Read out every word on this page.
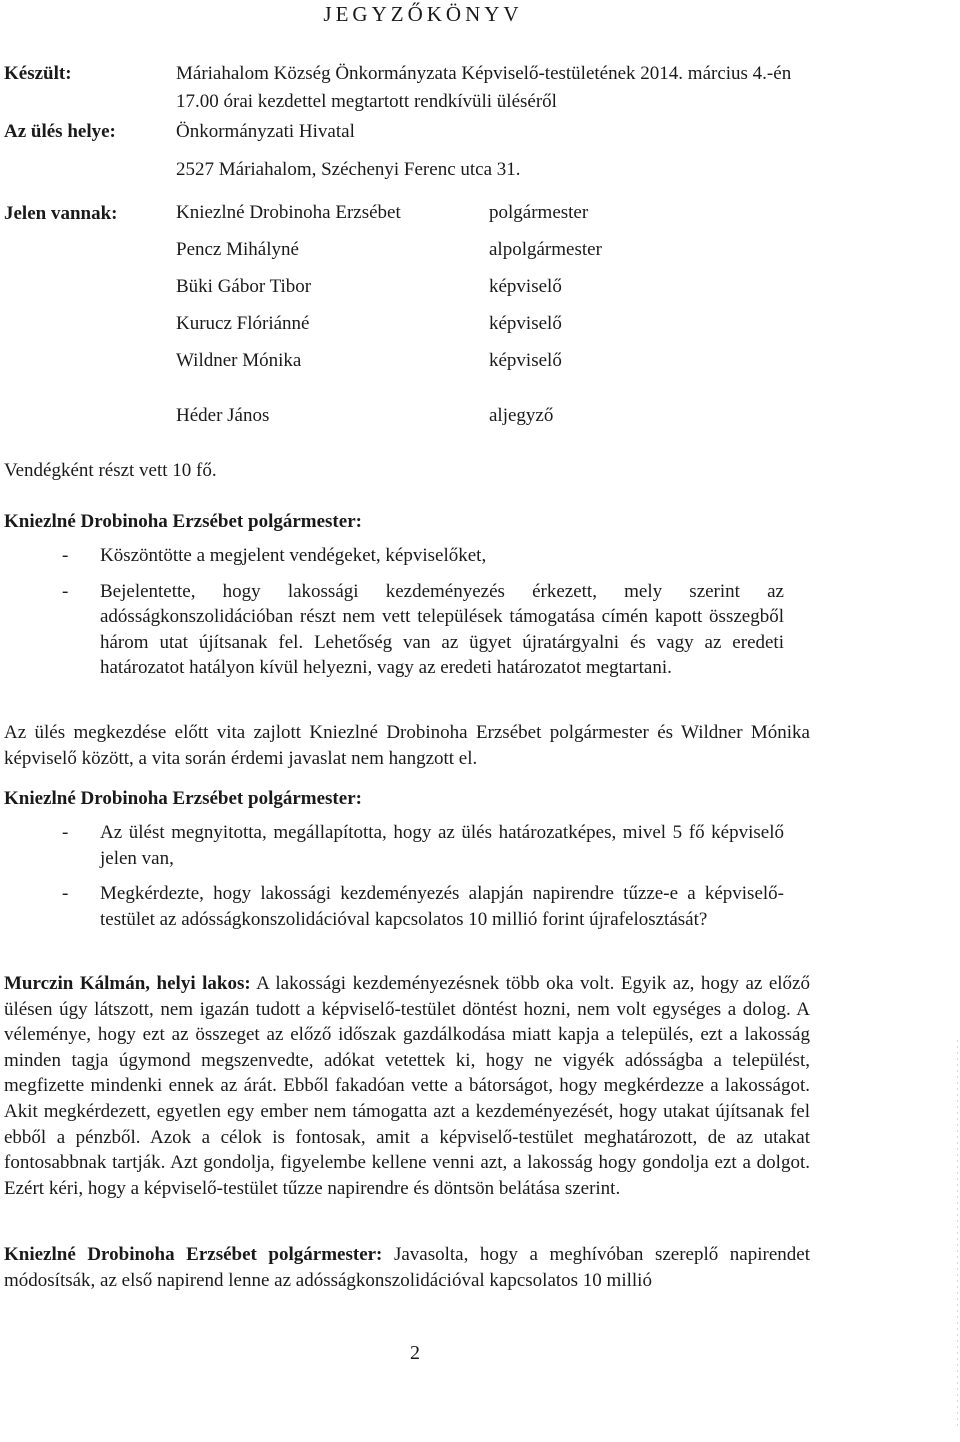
JEGYZŐKÖNYV
Készült:	Máriahalom Község Önkormányzata Képviselő-testületének 2014. március 4.-én 17.00 órai kezdettel megtartott rendkívüli üléséről
Az ülés helye:	Önkormányzati Hivatal
2527 Máriahalom, Széchenyi Ferenc utca 31.
Jelen vannak:	Kniezlné Drobinoha Erzsébet	polgármester
Pencz Mihályné	alpolgármester
Büki Gábor Tibor	képviselő
Kurucz Flóriánné	képviselő
Wildner Mónika	képviselő
Héder János	aljegyző
Vendégként részt vett 10 fő.
Kniezlné Drobinoha Erzsébet polgármester:
- Köszöntötte a megjelent vendégeket, képviselőket,
- Bejelentette, hogy lakossági kezdeményezés érkezett, mely szerint az adósságkonszolidációban részt nem vett települések támogatása címén kapott összegből három utat újítsanak fel. Lehetőség van az ügyet újratárgyalni és vagy az eredeti határozatot hatályon kívül helyezni, vagy az eredeti határozatot megtartani.
Az ülés megkezdése előtt vita zajlott Kniezlné Drobinoha Erzsébet polgármester és Wildner Mónika képviselő között, a vita során érdemi javaslat nem hangzott el.
Kniezlné Drobinoha Erzsébet polgármester:
- Az ülést megnyitotta, megállapította, hogy az ülés határozatképes, mivel 5 fő képviselő jelen van,
- Megkérdezte, hogy lakossági kezdeményezés alapján napirendre tűzze-e a képviselő-testület az adósságkonszolidációval kapcsolatos 10 millió forint újrafelosztását?
Murczin Kálmán, helyi lakos: A lakossági kezdeményezésnek több oka volt. Egyik az, hogy az előző ülésen úgy látszott, nem igazán tudott a képviselő-testület döntést hozni, nem volt egységes a dolog. A véleménye, hogy ezt az összeget az előző időszak gazdálkodása miatt kapja a település, ezt a lakosság minden tagja úgymond megszenvedte, adókat vetettek ki, hogy ne vigyék adósságba a települést, megfizette mindenki ennek az árát. Ebből fakadóan vette a bátorságot, hogy megkérdezze a lakosságot. Akit megkérdezett, egyetlen egy ember nem támogatta azt a kezdeményezését, hogy utakat újítsanak fel ebből a pénzből. Azok a célok is fontosak, amit a képviselő-testület meghatározott, de az utakat fontosabbnak tartják. Azt gondolja, figyelembe kellene venni azt, a lakosság hogy gondolja ezt a dolgot. Ezért kéri, hogy a képviselő-testület tűzze napirendre és döntsön belátása szerint.
Kniezlné Drobinoha Erzsébet polgármester: Javasolta, hogy a meghívóban szereplő napirendet módosítsák, az első napirend lenne az adósságkonszolidációval kapcsolatos 10 millió
2
